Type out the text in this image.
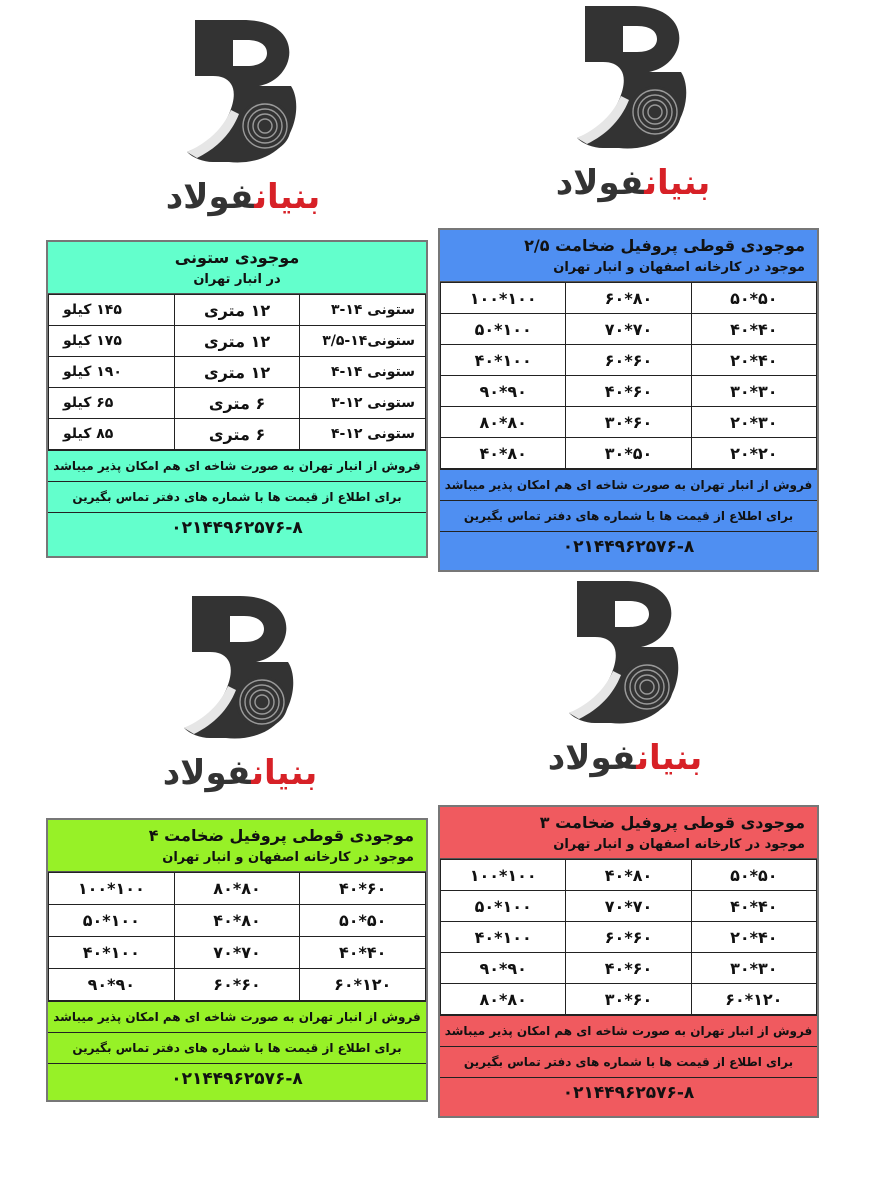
بنیانفولاد	بنیانفولاد
بنیانفولاد	بنیانفولاد
موجودی ستونی
در انبار تهران
ستونی ۱۴-۳	۱۲ متری	۱۴۵ کیلو
ستونی۱۴-۳/۵	۱۲ متری	۱۷۵ کیلو
ستونی ۱۴-۴	۱۲ متری	۱۹۰ کیلو
ستونی ۱۲-۳	۶ متری	۶۵ کیلو
ستونی ۱۲-۴	۶ متری	۸۵ کیلو
فروش از انبار تهران به صورت شاخه ای هم امکان پذیر میباشد
برای اطلاع از قیمت ها با شماره های دفتر تماس بگیرین
۰۲۱۴۴۹۶۲۵۷۶-۸
موجودی قوطی پروفیل ضخامت ۲/۵
موجود در کارخانه اصفهان و انبار تهران
۵۰*۵۰	۸۰*۶۰	۱۰۰*۱۰۰
۴۰*۴۰	۷۰*۷۰	۱۰۰*۵۰
۴۰*۲۰	۶۰*۶۰	۱۰۰*۴۰
۳۰*۳۰	۶۰*۴۰	۹۰*۹۰
۳۰*۲۰	۶۰*۳۰	۸۰*۸۰
۲۰*۲۰	۵۰*۳۰	۸۰*۴۰
فروش از انبار تهران به صورت شاخه ای هم امکان پذیر میباشد
برای اطلاع از قیمت ها با شماره های دفتر تماس بگیرین
۰۲۱۴۴۹۶۲۵۷۶-۸
موجودی قوطی پروفیل ضخامت ۴
موجود در کارخانه اصفهان و انبار تهران
۶۰*۴۰	۸۰*۸۰	۱۰۰*۱۰۰
۵۰*۵۰	۸۰*۴۰	۱۰۰*۵۰
۴۰*۴۰	۷۰*۷۰	۱۰۰*۴۰
۱۲۰*۶۰	۶۰*۶۰	۹۰*۹۰
فروش از انبار تهران به صورت شاخه ای هم امکان پذیر میباشد
برای اطلاع از قیمت ها با شماره های دفتر تماس بگیرین
۰۲۱۴۴۹۶۲۵۷۶-۸
موجودی قوطی پروفیل ضخامت ۳
موجود در کارخانه اصفهان و انبار تهران
۵۰*۵۰	۸۰*۴۰	۱۰۰*۱۰۰
۴۰*۴۰	۷۰*۷۰	۱۰۰*۵۰
۴۰*۲۰	۶۰*۶۰	۱۰۰*۴۰
۳۰*۳۰	۶۰*۴۰	۹۰*۹۰
۱۲۰*۶۰	۶۰*۳۰	۸۰*۸۰
فروش از انبار تهران به صورت شاخه ای هم امکان پذیر میباشد
برای اطلاع از قیمت ها با شماره های دفتر تماس بگیرین
۰۲۱۴۴۹۶۲۵۷۶-۸
